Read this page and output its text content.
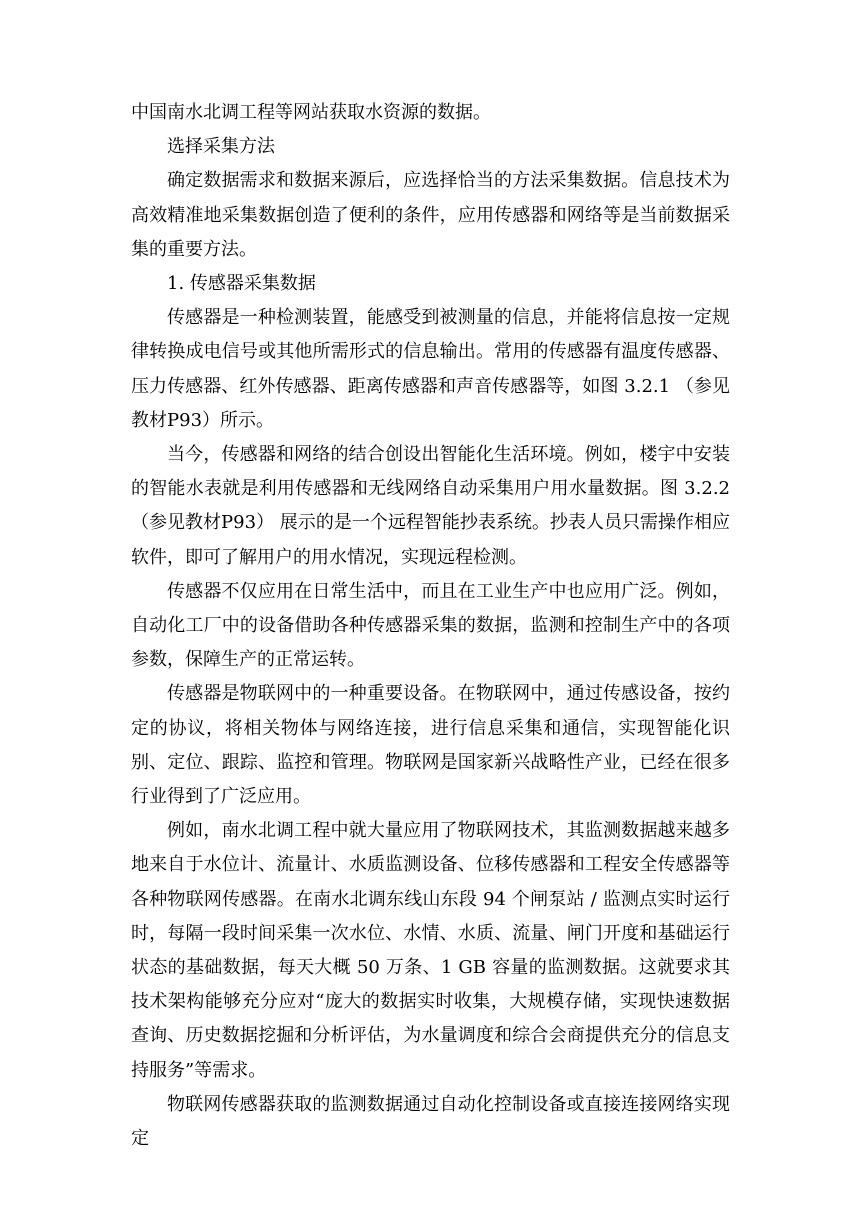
中国南水北调工程等网站获取水资源的数据。

选择采集方法

确定数据需求和数据来源后，应选择恰当的方法采集数据。信息技术为高效精准地采集数据创造了便利的条件，应用传感器和网络等是当前数据采集的重要方法。

1. 传感器采集数据

传感器是一种检测装置，能感受到被测量的信息，并能将信息按一定规律转换成电信号或其他所需形式的信息输出。常用的传感器有温度传感器、压力传感器、红外传感器、距离传感器和声音传感器等，如图 3.2.1 （参见教材P93）所示。

当今，传感器和网络的结合创设出智能化生活环境。例如，楼宇中安装的智能水表就是利用传感器和无线网络自动采集用户用水量数据。图 3.2.2（参见教材P93） 展示的是一个远程智能抄表系统。抄表人员只需操作相应软件，即可了解用户的用水情况，实现远程检测。

传感器不仅应用在日常生活中，而且在工业生产中也应用广泛。例如，自动化工厂中的设备借助各种传感器采集的数据，监测和控制生产中的各项参数，保障生产的正常运转。

传感器是物联网中的一种重要设备。在物联网中，通过传感设备，按约定的协议，将相关物体与网络连接，进行信息采集和通信，实现智能化识别、定位、跟踪、监控和管理。物联网是国家新兴战略性产业，已经在很多行业得到了广泛应用。

例如，南水北调工程中就大量应用了物联网技术，其监测数据越来越多地来自于水位计、流量计、水质监测设备、位移传感器和工程安全传感器等各种物联网传感器。在南水北调东线山东段 94 个闸泵站 / 监测点实时运行时，每隔一段时间采集一次水位、水情、水质、流量、闸门开度和基础运行状态的基础数据，每天大概 50 万条、1 GB 容量的监测数据。这就要求其技术架构能够充分应对“庞大的数据实时收集，大规模存储，实现快速数据查询、历史数据挖掘和分析评估，为水量调度和综合会商提供充分的信息支持服务”等需求。

物联网传感器获取的监测数据通过自动化控制设备或直接连接网络实现定
